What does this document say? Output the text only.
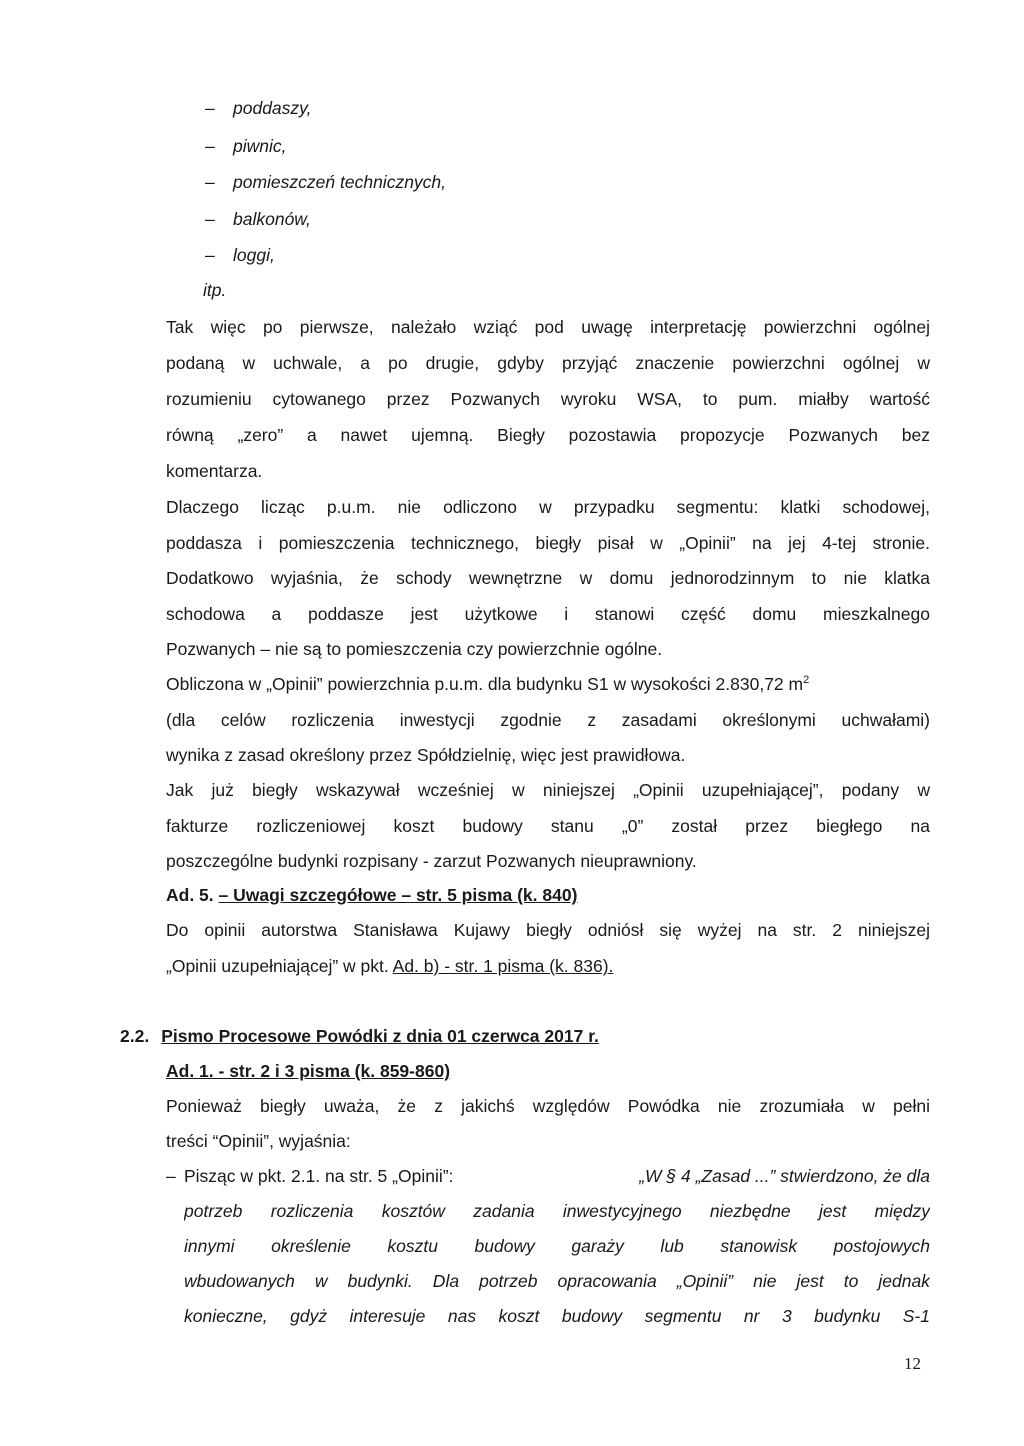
– poddaszy,
– piwnic,
– pomieszczeń technicznych,
– balkonów,
– loggi,
itp.
Tak więc po pierwsze, należało wziąć pod uwagę interpretację powierzchni ogólnej
podaną w uchwale, a po drugie, gdyby przyjąć znaczenie powierzchni ogólnej w
rozumieniu cytowanego przez Pozwanych wyroku WSA, to pum. miałby wartość
równą „zero” a nawet ujemną. Biegły pozostawia propozycje Pozwanych bez
komentarza.
Dlaczego licząc p.u.m. nie odliczono w przypadku segmentu: klatki schodowej,
poddasza i pomieszczenia technicznego, biegły pisał w „Opinii” na jej 4-tej stronie.
Dodatkowo wyjaśnia, że schody wewnętrzne w domu jednorodzinnym to nie klatka
schodowa a poddasze jest użytkowe i stanowi część domu mieszkalnego
Pozwanych – nie są to pomieszczenia czy powierzchnie ogólne.
Obliczona w „Opinii” powierzchnia p.u.m. dla budynku S1 w wysokości 2.830,72 $m^2$
(dla celów rozliczenia inwestycji zgodnie z zasadami określonymi uchwałami)
wynika z zasad określony przez Spółdzielnię, więc jest prawidłowa.
Jak już biegły wskazywał wcześniej w niniejszej „Opinii uzupełniającej”, podany w
fakturze rozliczeniowej koszt budowy stanu „0” został przez biegłego na
poszczególne budynki rozpisany - zarzut Pozwanych nieuprawniony.
Ad. 5. – Uwagi szczegółowe – str. 5 pisma (k. 840)
Do opinii autorstwa Stanisława Kujawy biegły odniósł się wyżej na str. 2 niniejszej
„Opinii uzupełniającej” w pkt. Ad. b) - str. 1 pisma (k. 836).
2.2. Pismo Procesowe Powódki z dnia 01 czerwca 2017 r.
Ad. 1. - str. 2 i 3 pisma (k. 859-860)
Ponieważ biegły uważa, że z jakichś względów Powódka nie zrozumiała w pełni
treści “Opinii”, wyjaśnia:
– Pisząc w pkt. 2.1. na str. 5 „Opinii”:	„W § 4 „Zasad ...” stwierdzono, że dla
potrzeb rozliczenia kosztów zadania inwestycyjnego niezbędne jest między
innymi określenie kosztu budowy garaży lub stanowisk postojowych
wbudowanych w budynki. Dla potrzeb opracowania „Opinii” nie jest to jednak
konieczne, gdyż interesuje nas koszt budowy segmentu nr 3 budynku S-1
12
